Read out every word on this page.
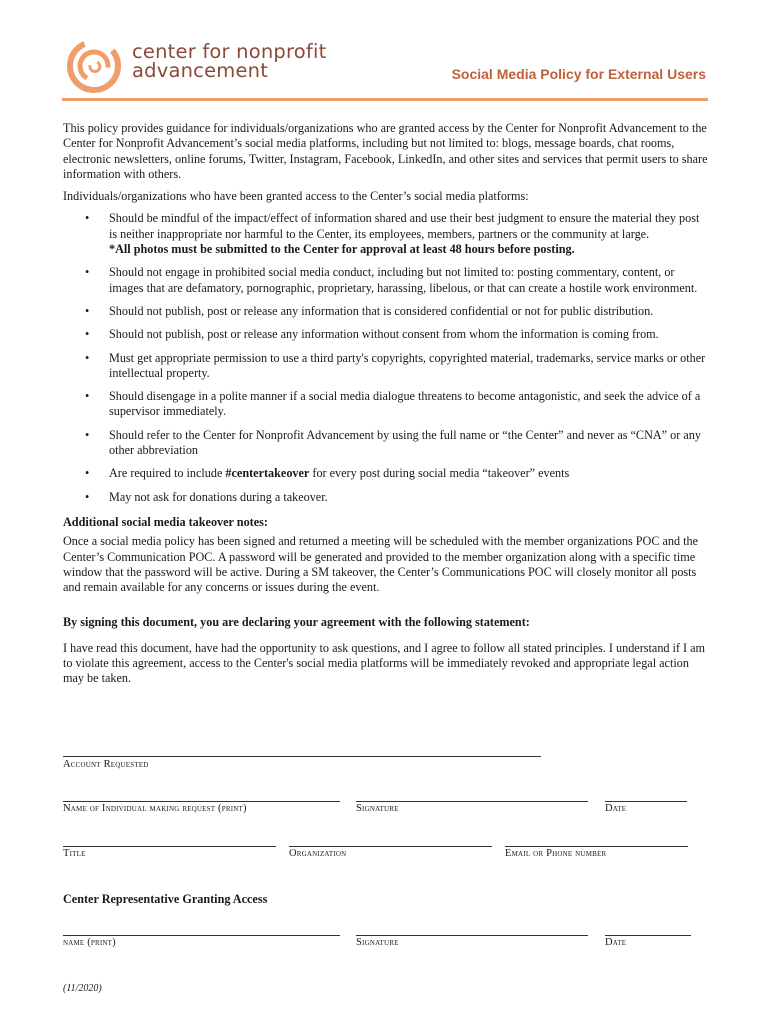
center for nonprofit
advancement	Social Media Policy for External Users

This policy provides guidance for individuals/organizations who are granted access by the Center for Nonprofit Advancement to the Center for Nonprofit Advancement’s social media platforms, including but not limited to: blogs, message boards, chat rooms, electronic newsletters, online forums, Twitter, Instagram, Facebook, LinkedIn, and other sites and services that permit users to share information with others.

Individuals/organizations who have been granted access to the Center’s social media platforms:

• Should be mindful of the impact/effect of information shared and use their best judgment to ensure the material they post is neither inappropriate nor harmful to the Center, its employees, members, partners or the community at large.
*All photos must be submitted to the Center for approval at least 48 hours before posting.
• Should not engage in prohibited social media conduct, including but not limited to: posting commentary, content, or images that are defamatory, pornographic, proprietary, harassing, libelous, or that can create a hostile work environment.
• Should not publish, post or release any information that is considered confidential or not for public distribution.
• Should not publish, post or release any information without consent from whom the information is coming from.
• Must get appropriate permission to use a third party's copyrights, copyrighted material, trademarks, service marks or other intellectual property.
• Should disengage in a polite manner if a social media dialogue threatens to become antagonistic, and seek the advice of a supervisor immediately.
• Should refer to the Center for Nonprofit Advancement by using the full name or “the Center” and never as “CNA” or any other abbreviation
• Are required to include #centertakeover for every post during social media “takeover” events
• May not ask for donations during a takeover.
Additional social media takeover notes:

Once a social media policy has been signed and returned a meeting will be scheduled with the member organizations POC and the Center’s Communication POC. A password will be generated and provided to the member organization along with a specific time window that the password will be active. During a SM takeover, the Center’s Communications POC will closely monitor all posts and remain available for any concerns or issues during the event.

By signing this document, you are declaring your agreement with the following statement:

I have read this document, have had the opportunity to ask questions, and I agree to follow all stated principles. I understand if I am to violate this agreement, access to the Center's social media platforms will be immediately revoked and appropriate legal action may be taken.

Account Requested
Name of Individual making request (print)	Signature	Date
Title	Organization	Email or Phone number
Center Representative Granting Access
name (print)	Signature	Date
(11/2020)
